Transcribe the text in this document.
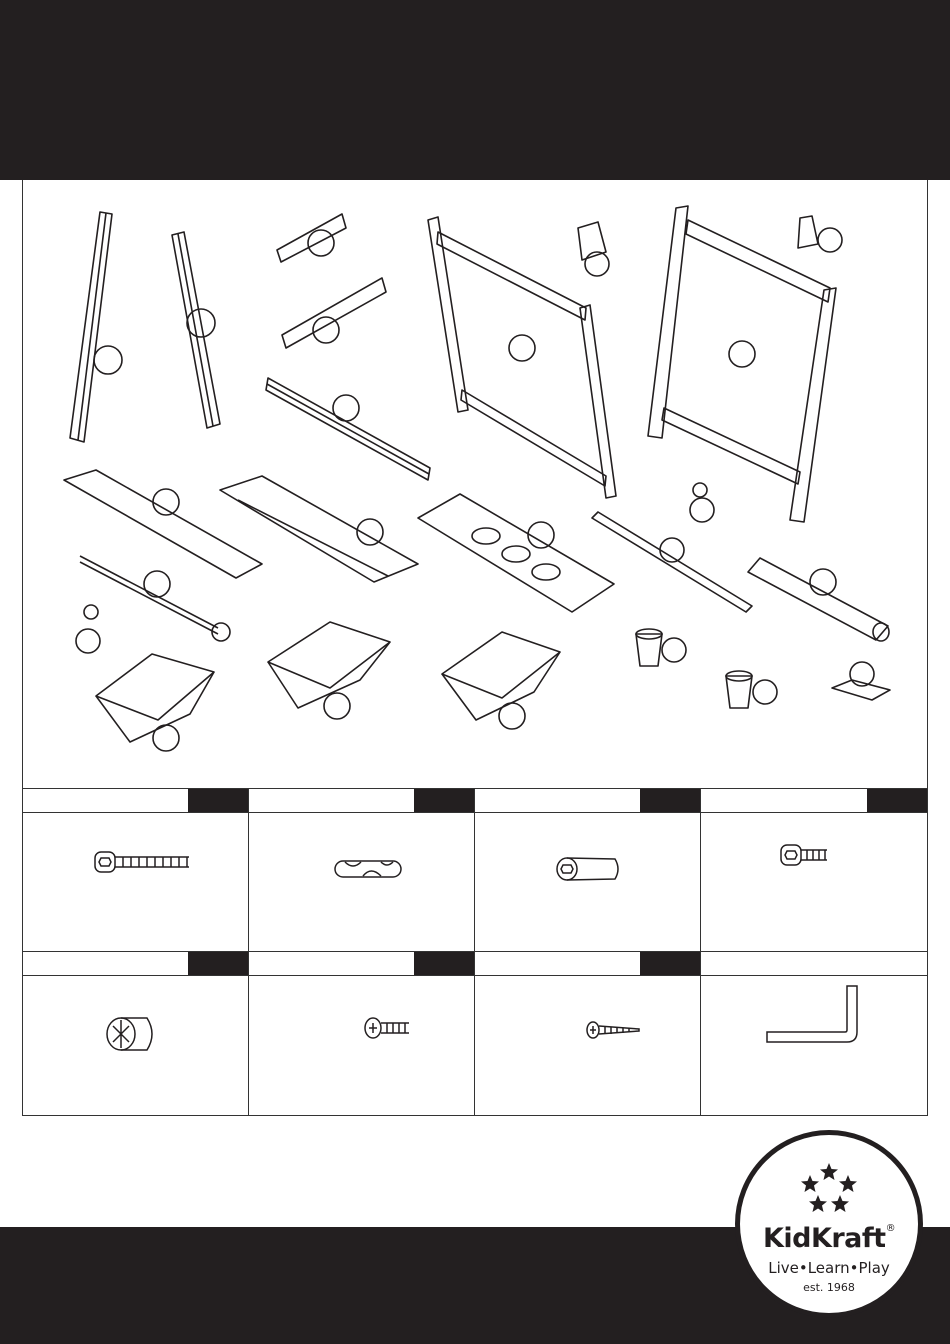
KidKraft®
Live•Learn•Play
est. 1968
